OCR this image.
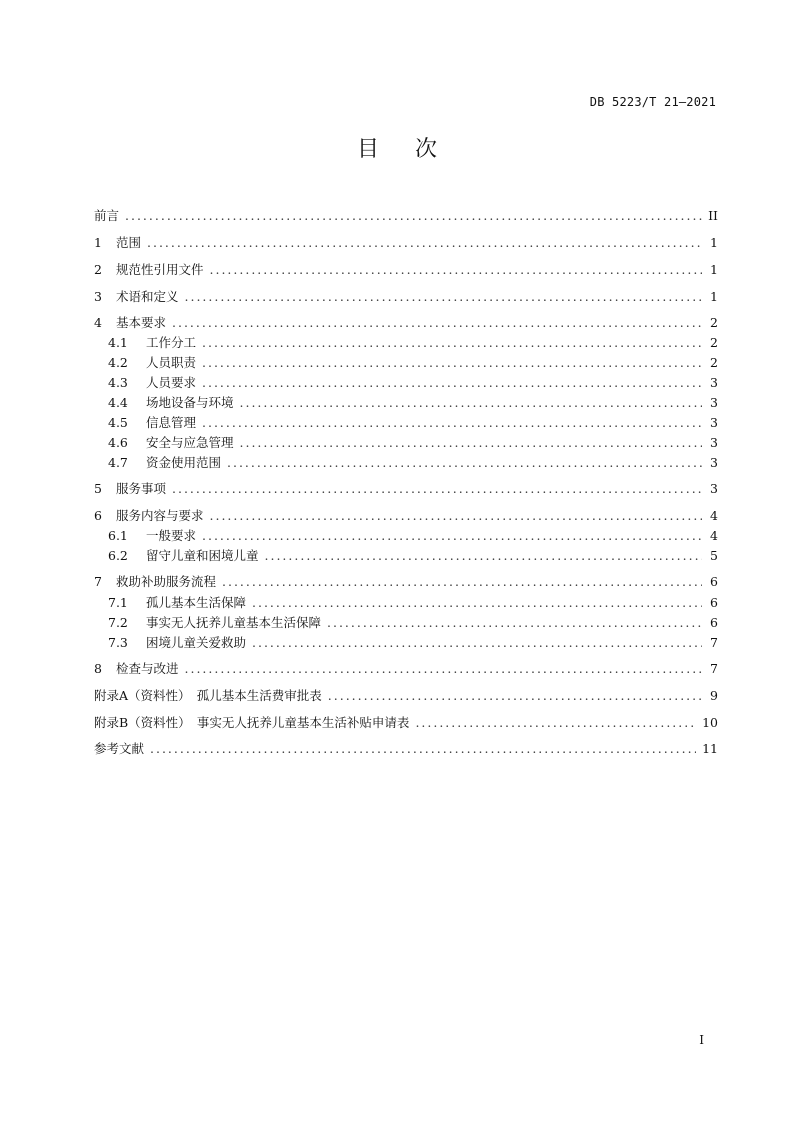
DB 5223/T 21—2021
目次
前言 .....	II
1	范围 .....	1
2	规范性引用文件 .....	1
3	术语和定义 .....	1
4	基本要求 .....	2
4.1	工作分工 .....	2
4.2	人员职责 .....	2
4.3	人员要求 .....	3
4.4	场地设备与环境 .....	3
4.5	信息管理 .....	3
4.6	安全与应急管理 .....	3
4.7	资金使用范围 .....	3
5	服务事项 .....	3
6	服务内容与要求 .....	4
6.1	一般要求 .....	4
6.2	留守儿童和困境儿童 .....	5
7	救助补助服务流程 .....	6
7.1	孤儿基本生活保障 .....	6
7.2	事实无人抚养儿童基本生活保障 .....	6
7.3	困境儿童关爱救助 .....	7
8	检查与改进 .....	7
附录A（资料性）　孤儿基本生活费审批表 .....	9
附录B（资料性）　事实无人抚养儿童基本生活补贴申请表 .....	10
参考文献 .....	11
I
